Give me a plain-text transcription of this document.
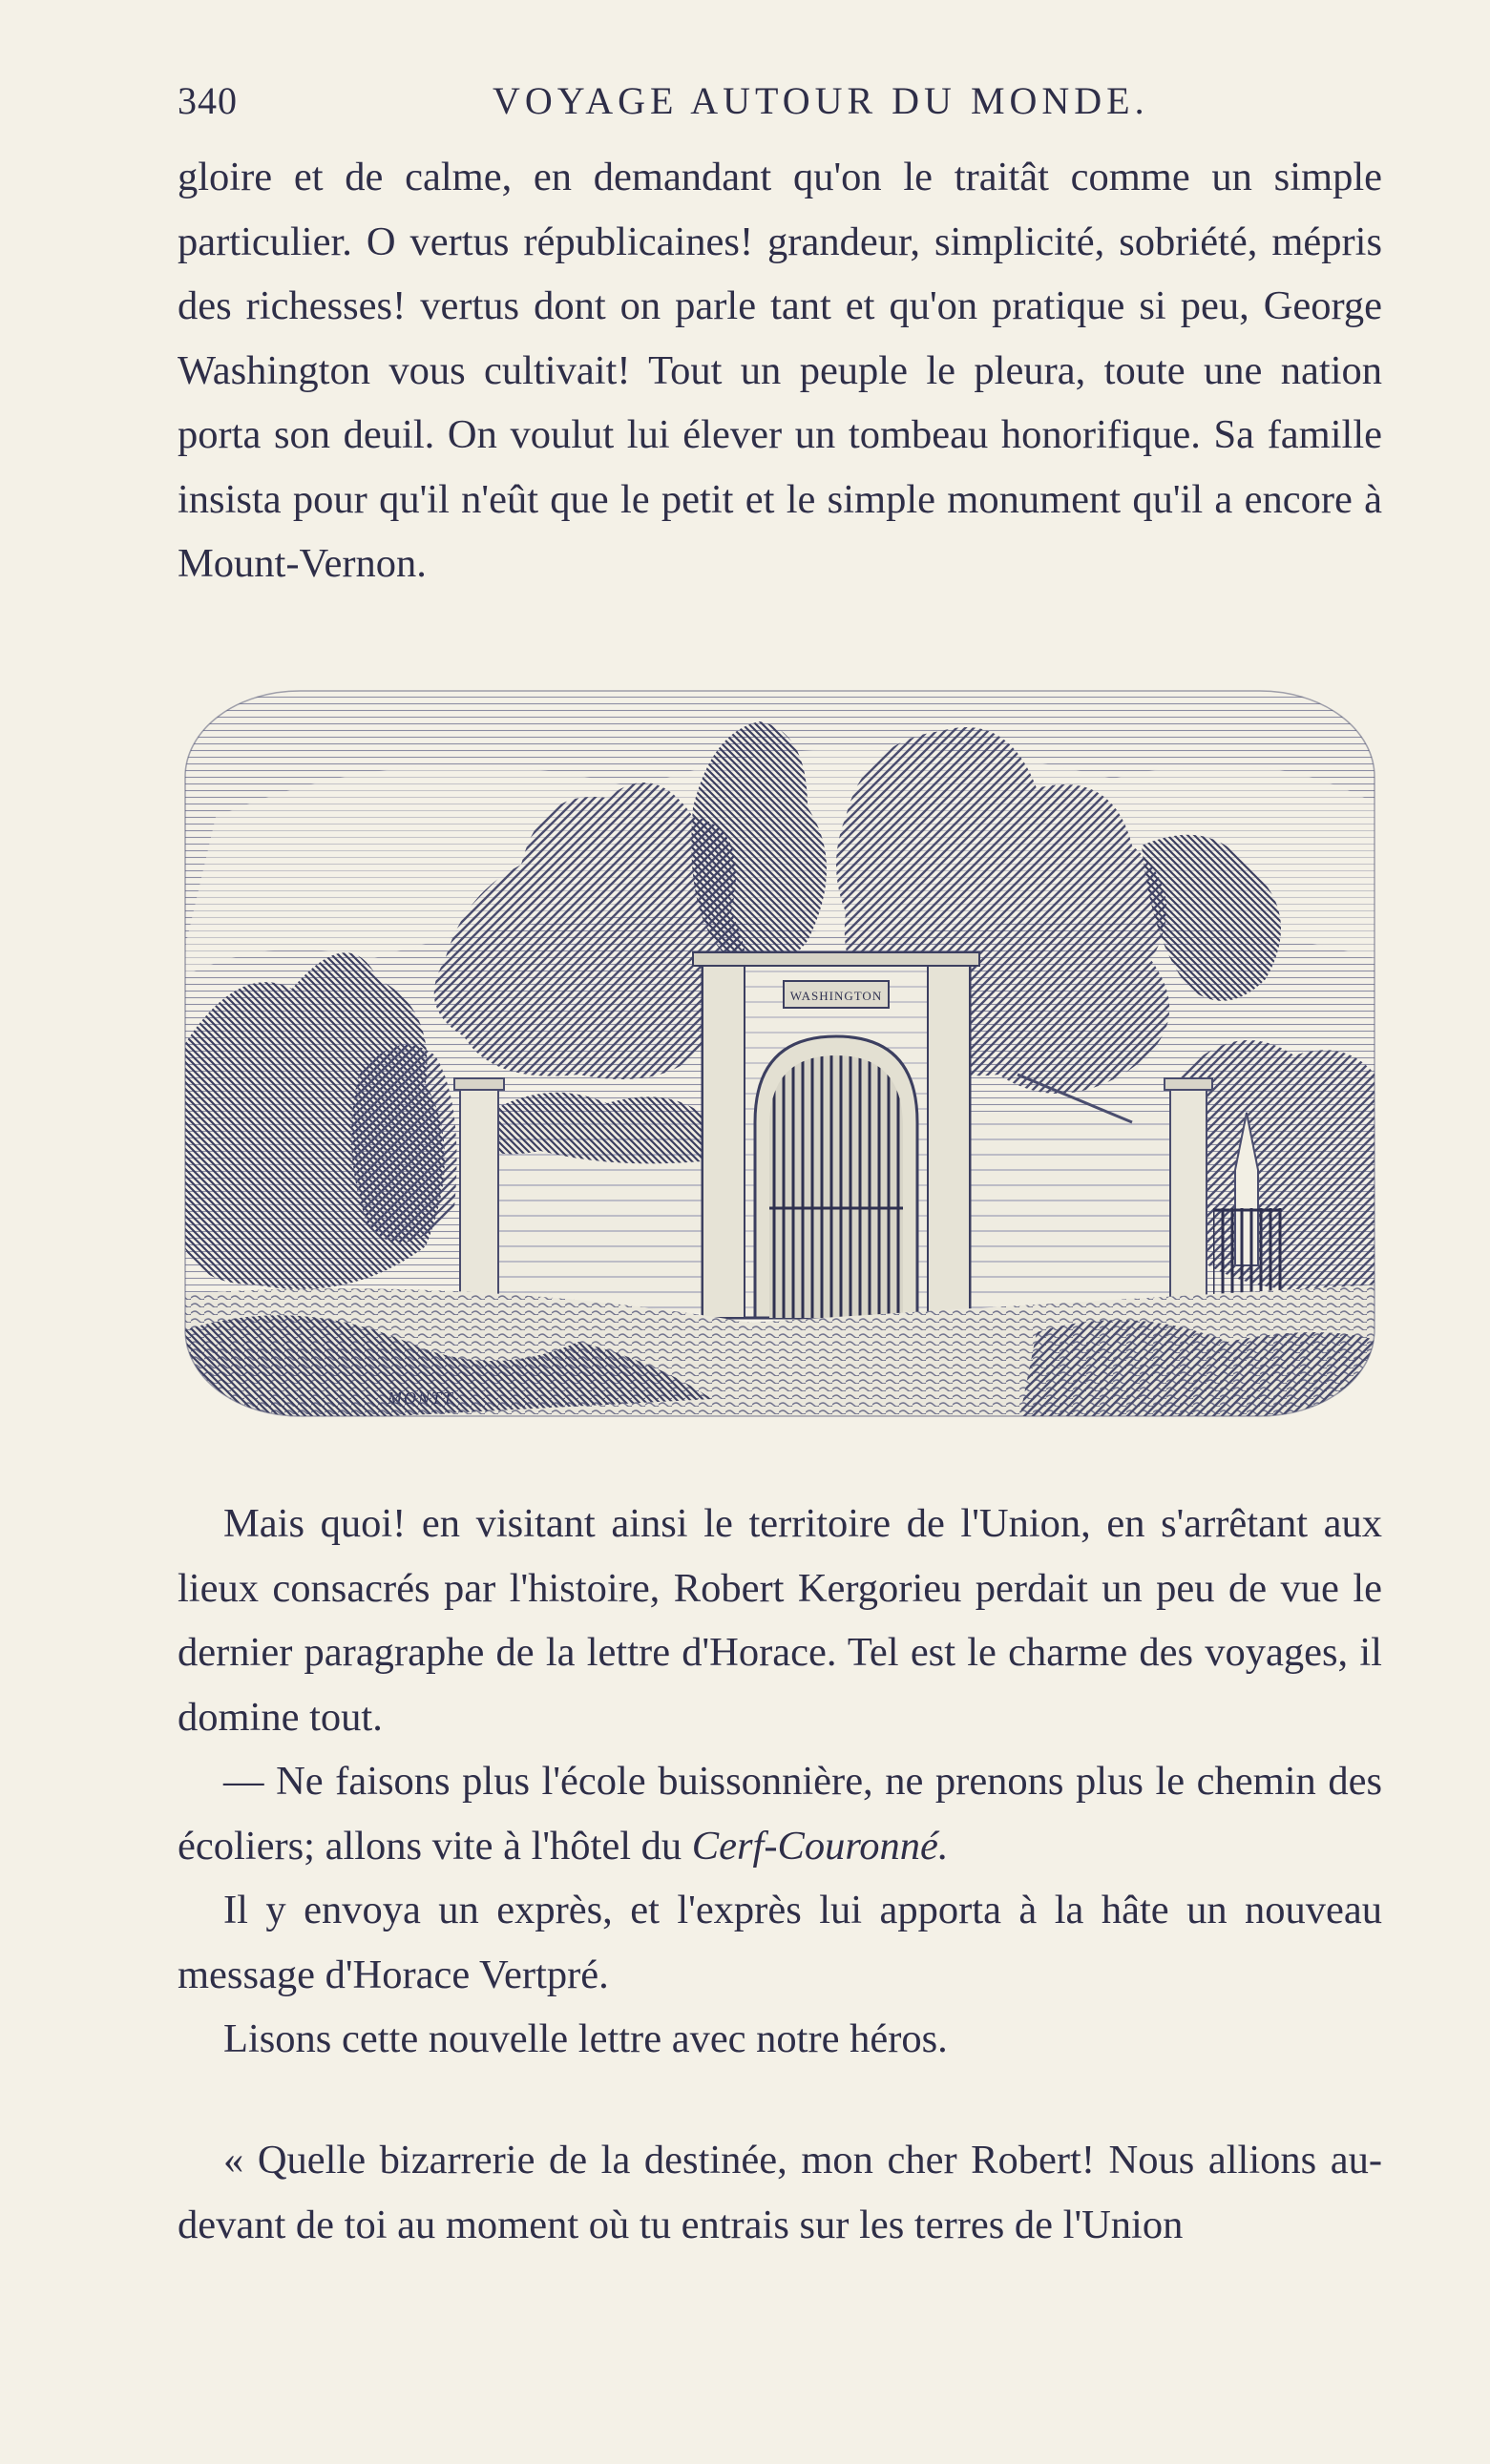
340	VOYAGE AUTOUR DU MONDE.

gloire et de calme, en demandant qu'on le traitât comme un simple particulier. O vertus républicaines! grandeur, simplicité, sobriété, mépris des richesses! vertus dont on parle tant et qu'on pratique si peu, George Washington vous cultivait! Tout un peuple le pleura, toute une nation porta son deuil. On voulut lui élever un tombeau honorifique. Sa famille insista pour qu'il n'eût que le petit et le simple monument qu'il a encore à Mount-Vernon.

WASHINGTON
MONTT

Mais quoi! en visitant ainsi le territoire de l'Union, en s'arrêtant aux lieux consacrés par l'histoire, Robert Kergorieu perdait un peu de vue le dernier paragraphe de la lettre d'Horace. Tel est le charme des voyages, il domine tout.

— Ne faisons plus l'école buissonnière, ne prenons plus le chemin des écoliers; allons vite à l'hôtel du Cerf-Couronné.

Il y envoya un exprès, et l'exprès lui apporta à la hâte un nouveau message d'Horace Vertpré.

Lisons cette nouvelle lettre avec notre héros.

« Quelle bizarrerie de la destinée, mon cher Robert! Nous allions au-devant de toi au moment où tu entrais sur les terres de l'Union
